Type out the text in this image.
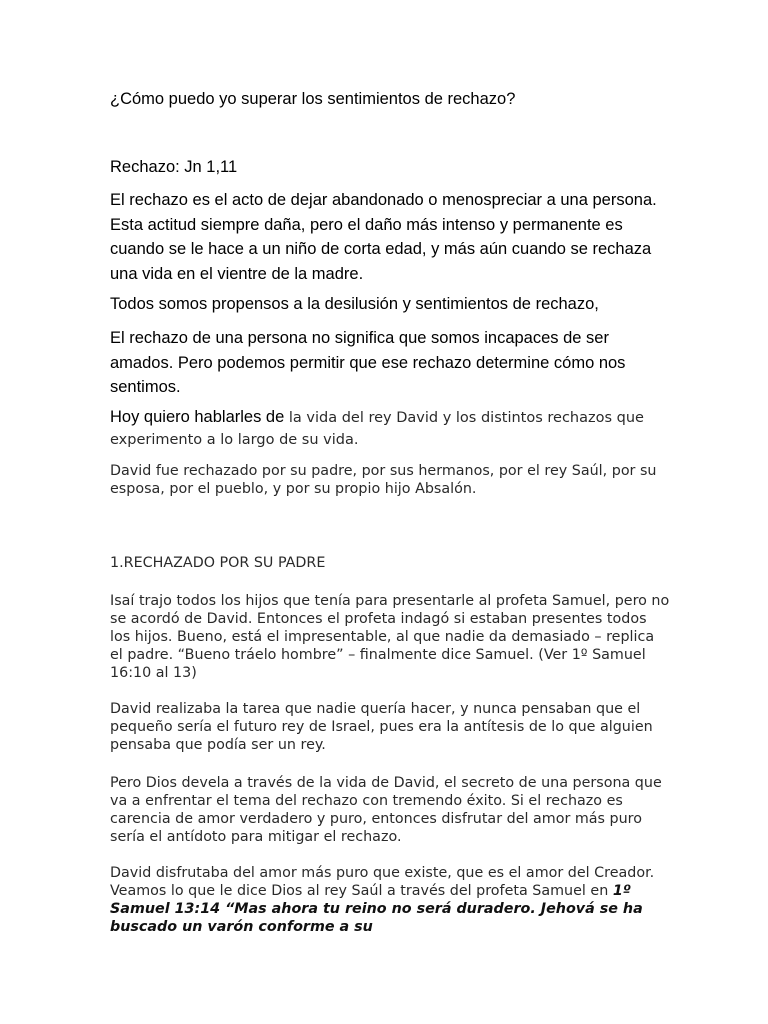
¿Cómo puedo yo superar los sentimientos de rechazo?

Rechazo: Jn 1,11

El rechazo es el acto de dejar abandonado o menospreciar a una persona. Esta actitud siempre daña, pero el daño más intenso y permanente es cuando se le hace a un niño de corta edad, y más aún cuando se rechaza una vida en el vientre de la madre.

Todos somos propensos a la desilusión y sentimientos de rechazo,

El rechazo de una persona no significa que somos incapaces de ser amados. Pero podemos permitir que ese rechazo determine cómo nos sentimos.

Hoy quiero hablarles de la vida del rey David y los distintos rechazos que experimento a lo largo de su vida.

David fue rechazado por su padre, por sus hermanos, por el rey Saúl, por su esposa, por el pueblo, y por su propio hijo Absalón.

1.RECHAZADO POR SU PADRE

Isaí trajo todos los hijos que tenía para presentarle al profeta Samuel, pero no se acordó de David. Entonces el profeta indagó si estaban presentes todos los hijos. Bueno, está el impresentable, al que nadie da demasiado – replica el padre. “Bueno tráelo hombre” – finalmente dice Samuel. (Ver 1º Samuel 16:10 al 13)

David realizaba la tarea que nadie quería hacer, y nunca pensaban que el pequeño sería el futuro rey de Israel, pues era la antítesis de lo que alguien pensaba que podía ser un rey.

Pero Dios devela a través de la vida de David, el secreto de una persona que va a enfrentar el tema del rechazo con tremendo éxito. Si el rechazo es carencia de amor verdadero y puro, entonces disfrutar del amor más puro sería el antídoto para mitigar el rechazo.

David disfrutaba del amor más puro que existe, que es el amor del Creador. Veamos lo que le dice Dios al rey Saúl a través del profeta Samuel en 1º Samuel 13:14 “Mas ahora tu reino no será duradero. Jehová se ha buscado un varón conforme a su
